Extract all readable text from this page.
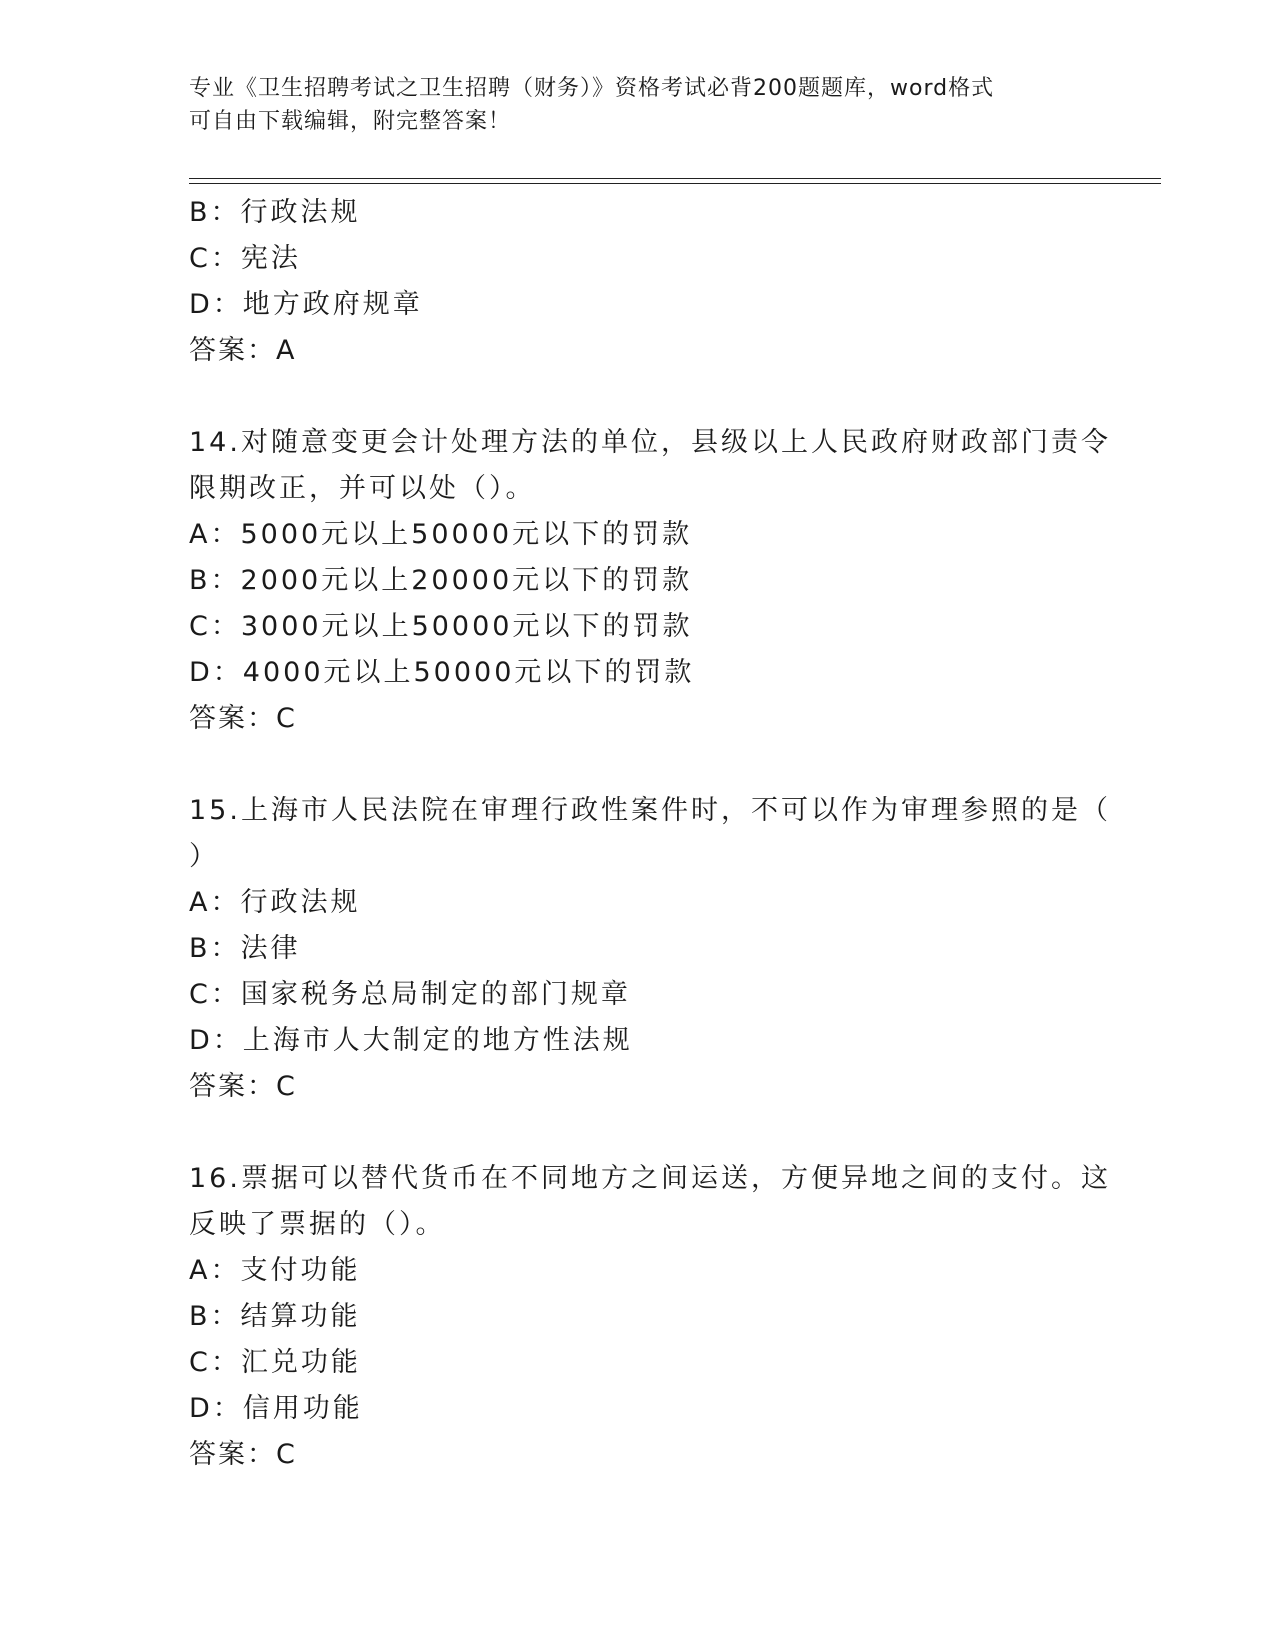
专业《卫生招聘考试之卫生招聘（财务）》资格考试必背200题题库，word格式
可自由下载编辑，附完整答案！
B：行政法规
C：宪法
D：地方政府规章
答案：A
14.对随意变更会计处理方法的单位，县级以上人民政府财政部门责令
限期改正，并可以处（）。
A：5000元以上50000元以下的罚款
B：2000元以上20000元以下的罚款
C：3000元以上50000元以下的罚款
D：4000元以上50000元以下的罚款
答案：C
15.上海市人民法院在审理行政性案件时，不可以作为审理参照的是（
）
A：行政法规
B：法律
C：国家税务总局制定的部门规章
D：上海市人大制定的地方性法规
答案：C
16.票据可以替代货币在不同地方之间运送，方便异地之间的支付。这
反映了票据的（）。
A：支付功能
B：结算功能
C：汇兑功能
D：信用功能
答案：C
